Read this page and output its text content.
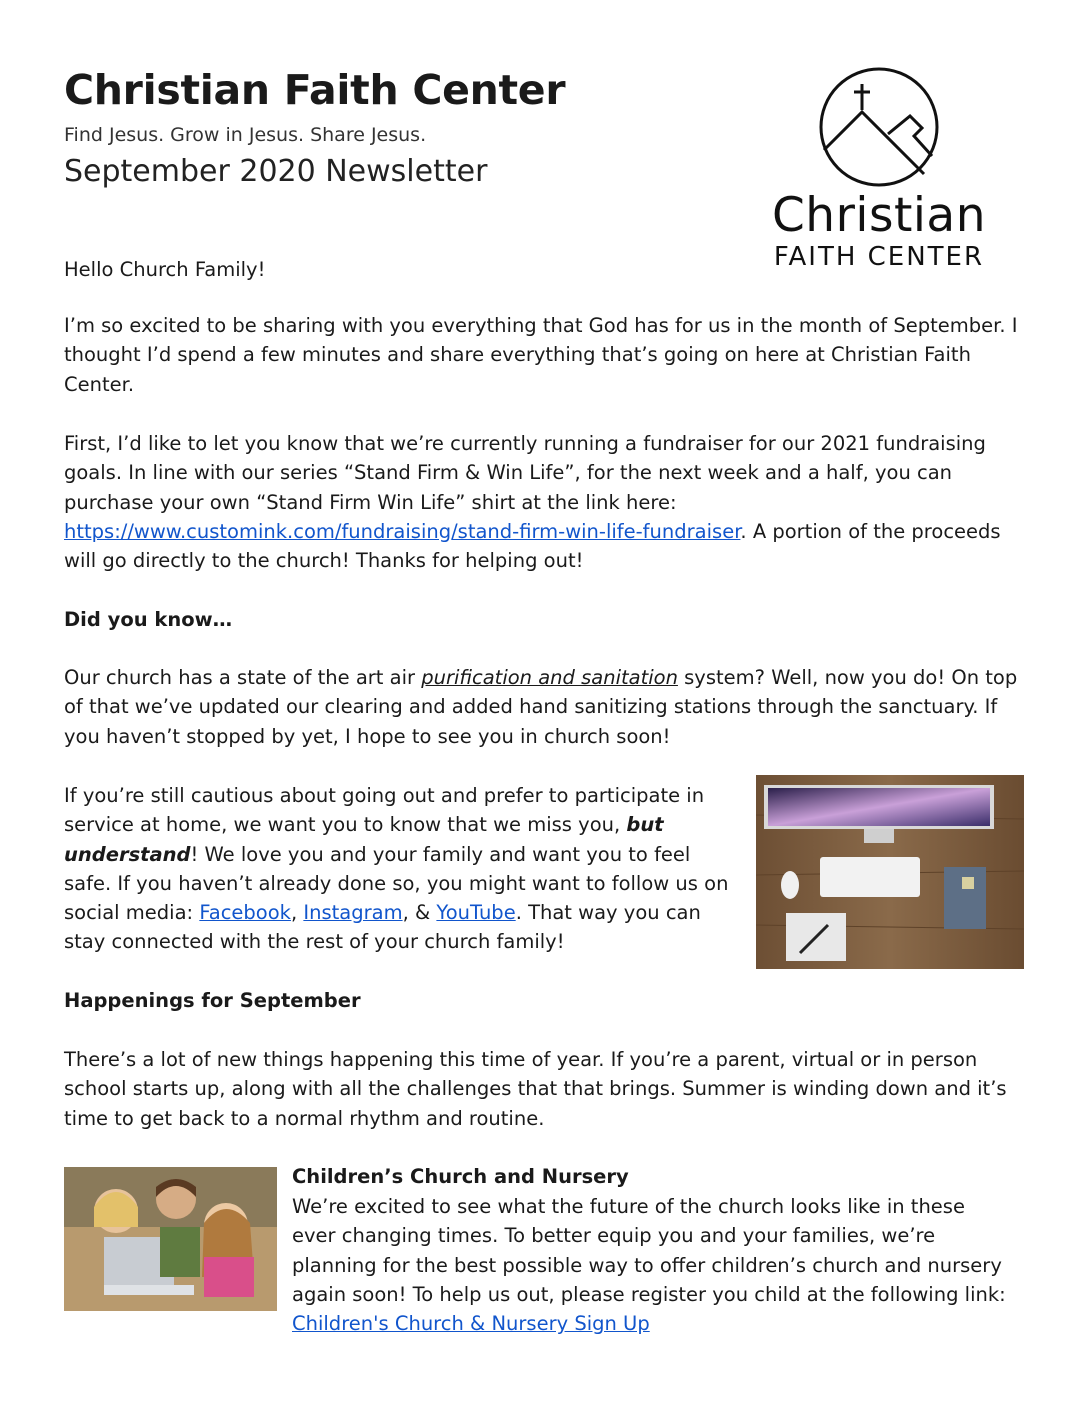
Christian Faith Center
Find Jesus. Grow in Jesus. Share Jesus.
September 2020 Newsletter
Christian
FAITH CENTER

Hello Church Family!

I’m so excited to be sharing with you everything that God has for us in the month of September. I thought I’d spend a few minutes and share everything that’s going on here at Christian Faith Center.

First, I’d like to let you know that we’re currently running a fundraiser for our 2021 fundraising goals. In line with our series “Stand Firm & Win Life”, for the next week and a half, you can purchase your own “Stand Firm Win Life” shirt at the link here: https://www.customink.com/fundraising/stand-firm-win-life-fundraiser. A portion of the proceeds will go directly to the church! Thanks for helping out!

Did you know…

Our church has a state of the art air purification and sanitation system? Well, now you do! On top of that we’ve updated our clearing and added hand sanitizing stations through the sanctuary. If you haven’t stopped by yet, I hope to see you in church soon!

If you’re still cautious about going out and prefer to participate in service at home, we want you to know that we miss you, but understand! We love you and your family and want you to feel safe. If you haven’t already done so, you might want to follow us on social media: Facebook, Instagram, & YouTube. That way you can stay connected with the rest of your church family!

Happenings for September

There’s a lot of new things happening this time of year. If you’re a parent, virtual or in person school starts up, along with all the challenges that that brings. Summer is winding down and it’s time to get back to a normal rhythm and routine.

Children’s Church and Nursery

We’re excited to see what the future of the church looks like in these ever changing times. To better equip you and your families, we’re planning for the best possible way to offer children’s church and nursery again soon! To help us out, please register you child at the following link: Children's Church & Nursery Sign Up
